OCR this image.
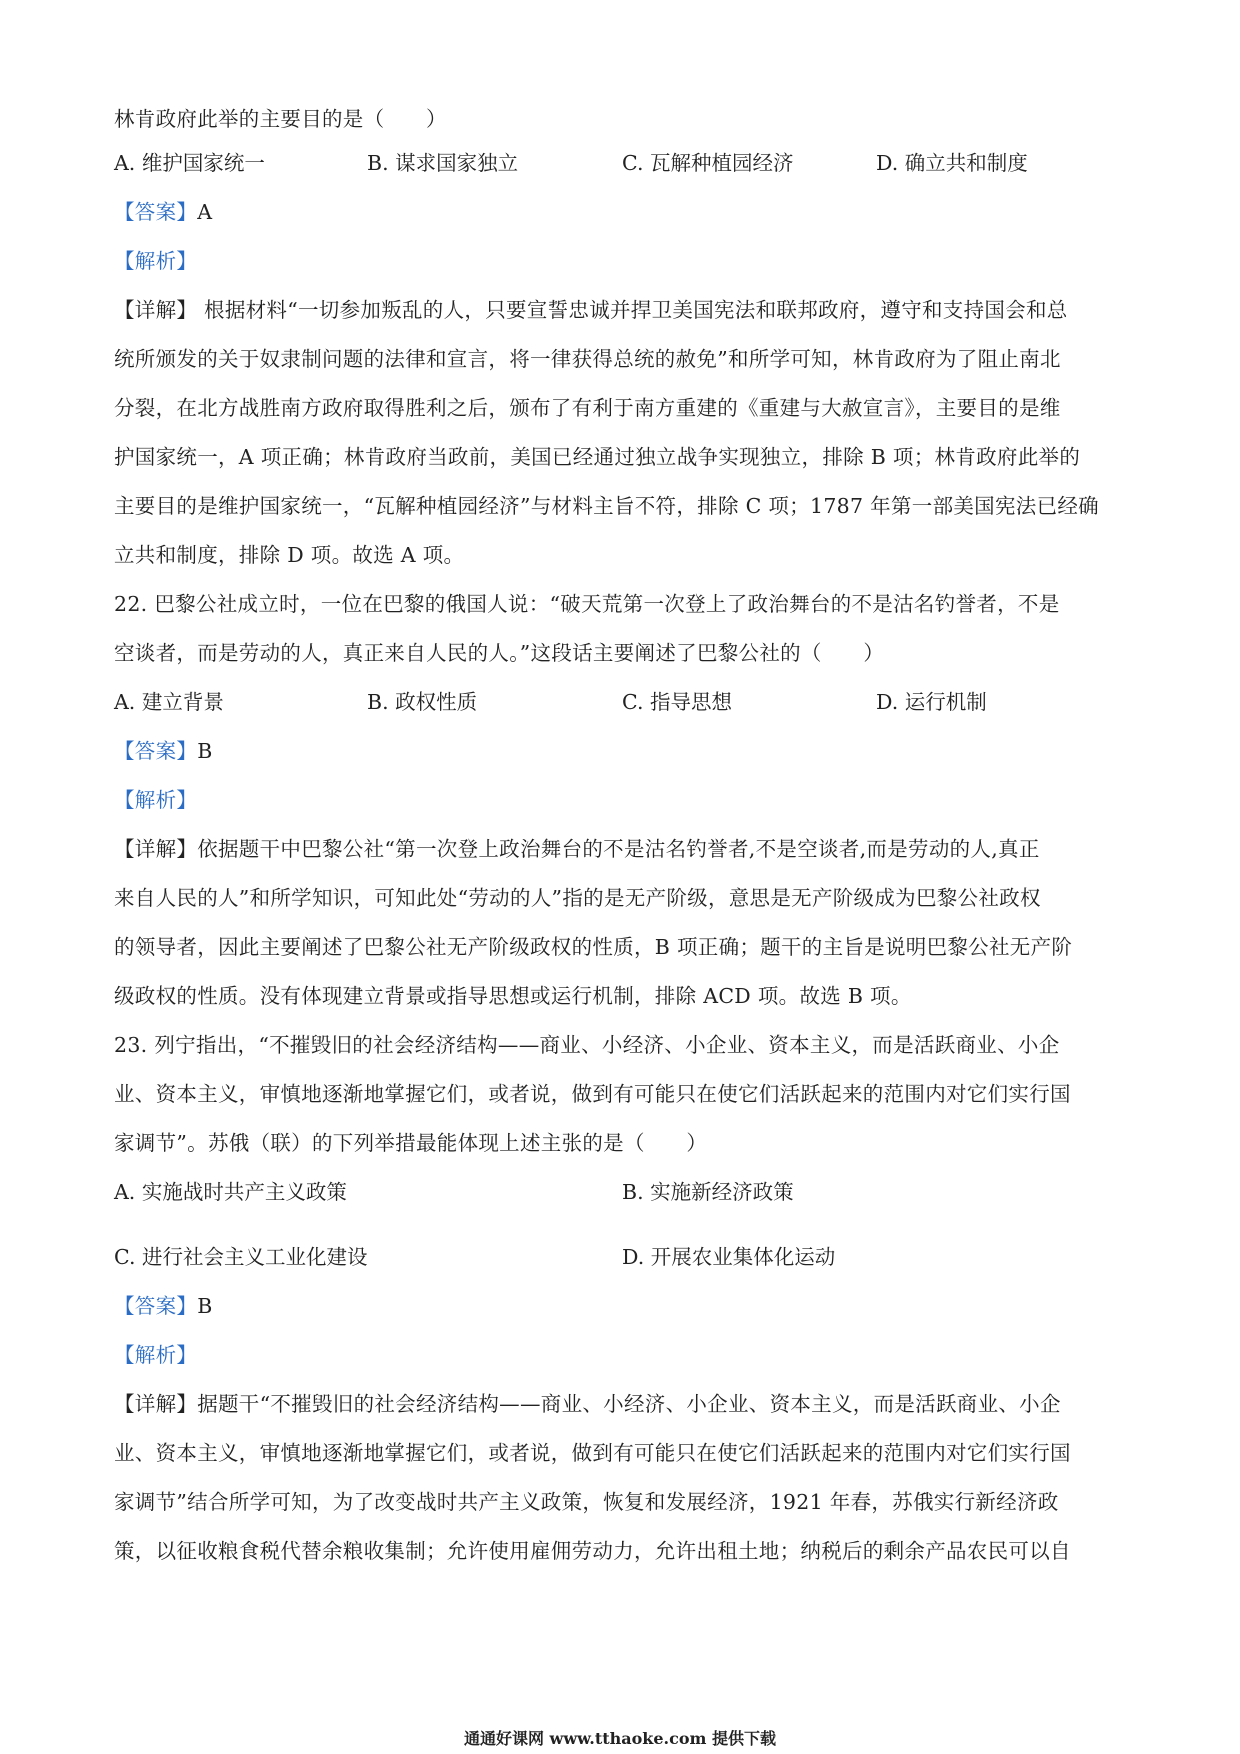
林肯政府此举的主要目的是（　　）
A. 维护国家统一	B. 谋求国家独立	C. 瓦解种植园经济	D. 确立共和制度
【答案】A
【解析】
【详解】 根据材料“一切参加叛乱的人，只要宣誓忠诚并捍卫美国宪法和联邦政府，遵守和支持国会和总
统所颁发的关于奴隶制问题的法律和宣言，将一律获得总统的赦免”和所学可知，林肯政府为了阻止南北
分裂，在北方战胜南方政府取得胜利之后，颁布了有利于南方重建的《重建与大赦宣言》，主要目的是维
护国家统一，A 项正确；林肯政府当政前，美国已经通过独立战争实现独立，排除 B 项；林肯政府此举的
主要目的是维护国家统一，“瓦解种植园经济”与材料主旨不符，排除 C 项；1787 年第一部美国宪法已经确
立共和制度，排除 D 项。故选 A 项。
22. 巴黎公社成立时，一位在巴黎的俄国人说：“破天荒第一次登上了政治舞台的不是沽名钓誉者，不是
空谈者，而是劳动的人，真正来自人民的人。”这段话主要阐述了巴黎公社的（　　）
A. 建立背景	B. 政权性质	C. 指导思想	D. 运行机制
【答案】B
【解析】
【详解】依据题干中巴黎公社“第一次登上政治舞台的不是沽名钓誉者,不是空谈者,而是劳动的人,真正
来自人民的人”和所学知识，可知此处“劳动的人”指的是无产阶级，意思是无产阶级成为巴黎公社政权
的领导者，因此主要阐述了巴黎公社无产阶级政权的性质，B 项正确；题干的主旨是说明巴黎公社无产阶
级政权的性质。没有体现建立背景或指导思想或运行机制，排除 ACD 项。故选 B 项。
23. 列宁指出，“不摧毁旧的社会经济结构——商业、小经济、小企业、资本主义，而是活跃商业、小企
业、资本主义，审慎地逐渐地掌握它们，或者说，做到有可能只在使它们活跃起来的范围内对它们实行国
家调节”。苏俄（联）的下列举措最能体现上述主张的是（　　）
A. 实施战时共产主义政策	B. 实施新经济政策
C. 进行社会主义工业化建设	D. 开展农业集体化运动
【答案】B
【解析】
【详解】据题干“不摧毁旧的社会经济结构——商业、小经济、小企业、资本主义，而是活跃商业、小企
业、资本主义，审慎地逐渐地掌握它们，或者说，做到有可能只在使它们活跃起来的范围内对它们实行国
家调节”结合所学可知，为了改变战时共产主义政策，恢复和发展经济，1921 年春，苏俄实行新经济政
策，以征收粮食税代替余粮收集制；允许使用雇佣劳动力，允许出租土地；纳税后的剩余产品农民可以自
通通好课网 www.tthaoke.com 提供下载
